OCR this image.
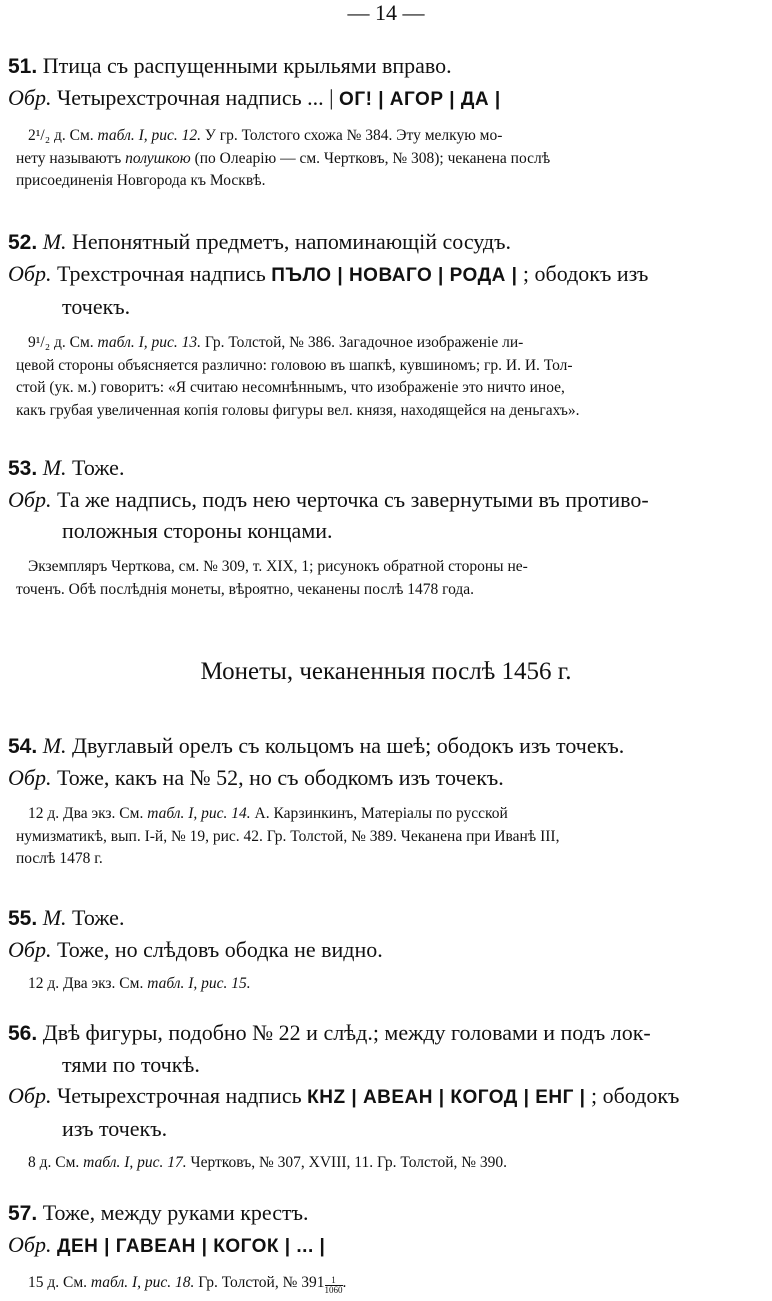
— 14 —
51. Птица съ распущенными крыльями вправо.
Обр. Четырехстрочная надпись ... | ОГ! | АГОР | ДА |
2¹/₂ д. См. табл. I, рис. 12. У гр. Толстого схожа № 384. Эту мелкую мо-
нету называютъ полушкою (по Олеарію — см. Чертковъ, № 308); чеканена послѣ
присоединенія Новгорода къ Москвѣ.
52. М. Непонятный предметъ, напоминающій сосудъ.
Обр. Трехстрочная надпись ПЪЛО | НОВАГО | РОДА | ; ободокъ изъ
точекъ.
9¹/₂ д. См. табл. I, рис. 13. Гр. Толстой, № 386. Загадочное изображеніе ли-
цевой стороны объясняется различно: головою въ шапкѣ, кувшиномъ; гр. И. И. Тол-
стой (ук. м.) говоритъ: «Я считаю несомнѣннымъ, что изображеніе это ничто иное,
какъ грубая увеличенная копія головы фигуры вел. князя, находящейся на деньгахъ».
53. М. Тоже.
Обр. Та же надпись, подъ нею черточка съ завернутыми въ противо-
положныя стороны концами.
Экземпляръ Черткова, см. № 309, т. XIX, 1; рисунокъ обратной стороны не-
точенъ. Обѣ послѣднія монеты, вѣроятно, чеканены послѣ 1478 года.
Монеты, чеканенныя послѣ 1456 г.
54. М. Двуглавый орелъ съ кольцомъ на шеѣ; ободокъ изъ точекъ.
Обр. Тоже, какъ на № 52, но съ ободкомъ изъ точекъ.
12 д. Два экз. См. табл. I, рис. 14. А. Карзинкинъ, Матеріалы по русской
нумизматикѣ, вып. I-й, № 19, рис. 42. Гр. Толстой, № 389. Чеканена при Иванѣ III,
послѣ 1478 г.
55. М. Тоже.
Обр. Тоже, но слѣдовъ ободка не видно.
12 д. Два экз. См. табл. I, рис. 15.
56. Двѣ фигуры, подобно № 22 и слѣд.; между головами и подъ лок-
тями по точкѣ.
Обр. Четырехстрочная надпись КНZ | АВЕАН | КОГОД | ЕНГ | ; ободокъ
изъ точекъ.
8 д. См. табл. I, рис. 17. Чертковъ, № 307, XVIII, 11. Гр. Толстой, № 390.
57. Тоже, между руками крестъ.
Обр. ДЕН | ГАВЕАН | КОГОК | ... |
15 д. См. табл. I, рис. 18. Гр. Толстой, № $391 \frac{1}{1060}$ .
